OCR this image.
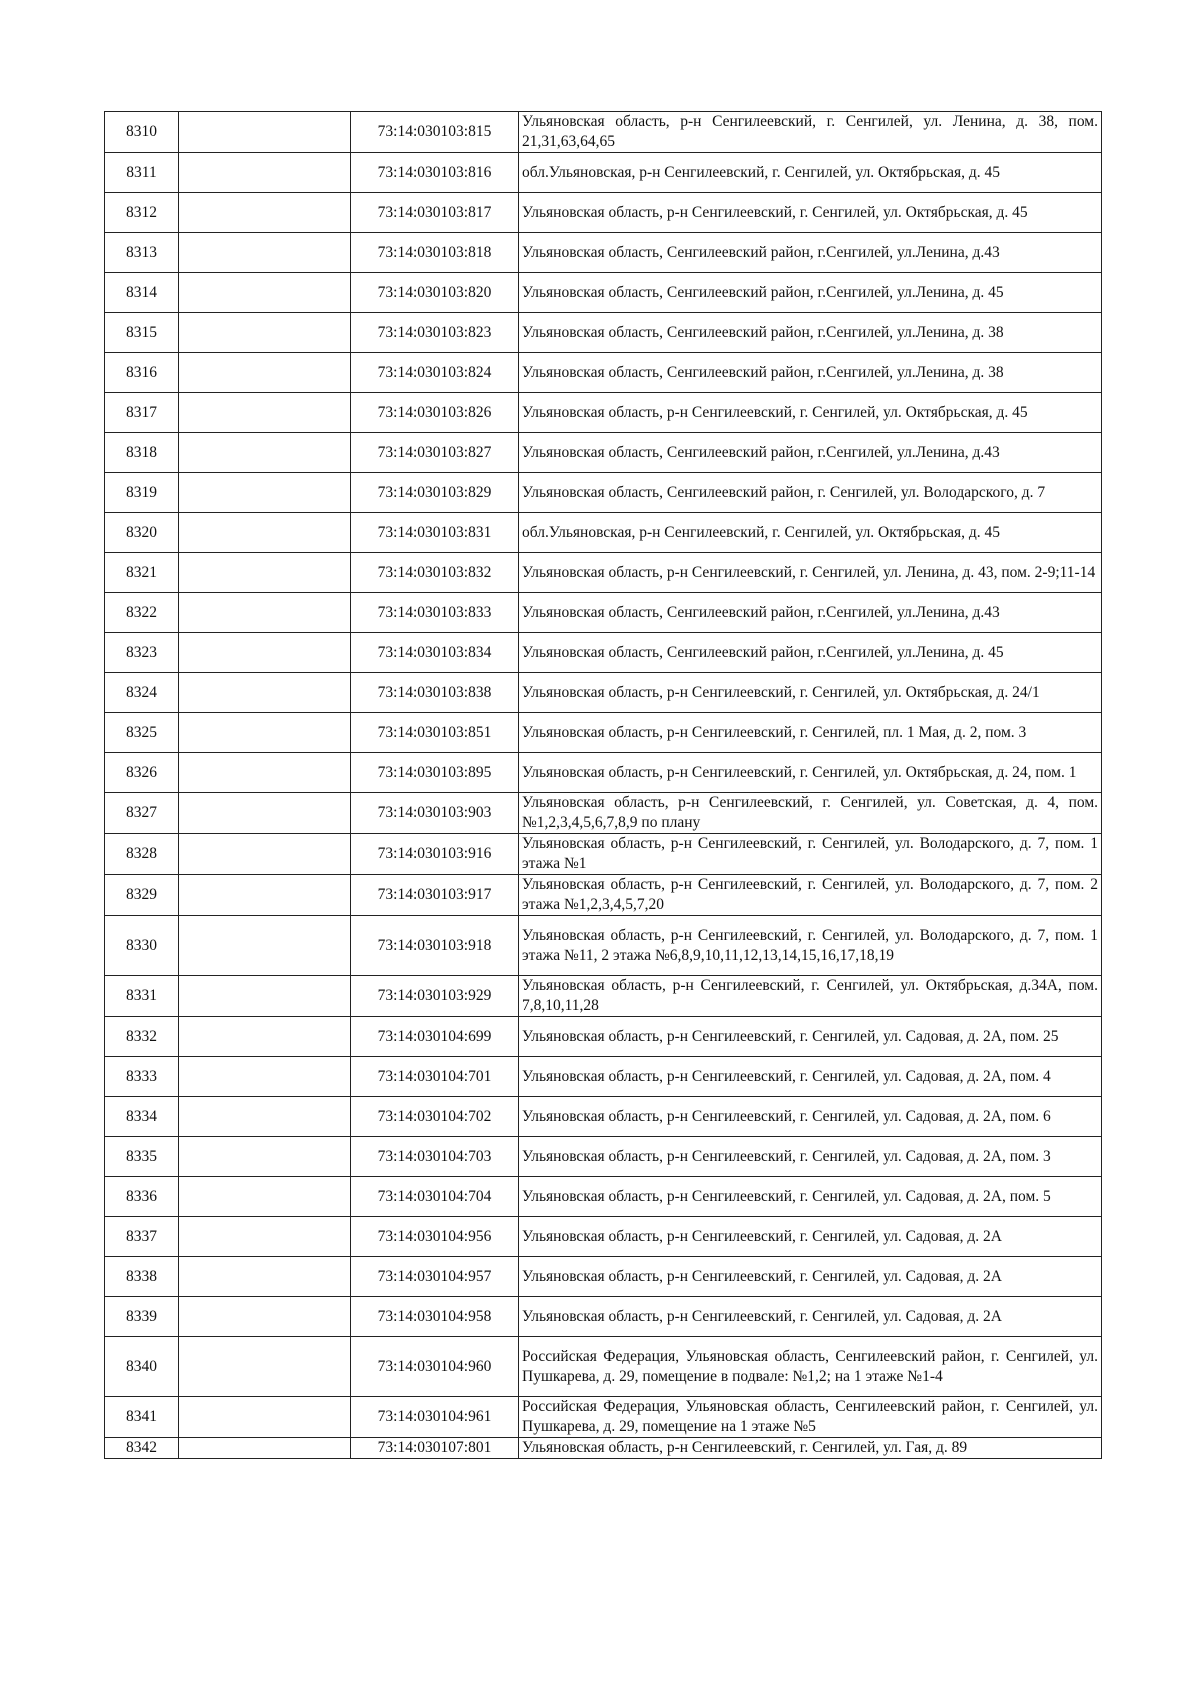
8310		73:14:030103:815	Ульяновская область, р-н Сенгилеевский, г. Сенгилей, ул. Ленина, д. 38, пом. 21,31,63,64,65
8311		73:14:030103:816	обл.Ульяновская, р-н Сенгилеевский, г. Сенгилей, ул. Октябрьская, д. 45
8312		73:14:030103:817	Ульяновская область, р-н Сенгилеевский, г. Сенгилей, ул. Октябрьская, д. 45
8313		73:14:030103:818	Ульяновская область, Сенгилеевский район, г.Сенгилей, ул.Ленина, д.43
8314		73:14:030103:820	Ульяновская область, Сенгилеевский район, г.Сенгилей, ул.Ленина, д. 45
8315		73:14:030103:823	Ульяновская область, Сенгилеевский район, г.Сенгилей, ул.Ленина, д. 38
8316		73:14:030103:824	Ульяновская область, Сенгилеевский район, г.Сенгилей, ул.Ленина, д. 38
8317		73:14:030103:826	Ульяновская область, р-н Сенгилеевский, г. Сенгилей, ул. Октябрьская, д. 45
8318		73:14:030103:827	Ульяновская область, Сенгилеевский район, г.Сенгилей, ул.Ленина, д.43
8319		73:14:030103:829	Ульяновская область, Сенгилеевский район, г. Сенгилей, ул. Володарского, д. 7
8320		73:14:030103:831	обл.Ульяновская, р-н Сенгилеевский, г. Сенгилей, ул. Октябрьская, д. 45
8321		73:14:030103:832	Ульяновская область, р-н Сенгилеевский, г. Сенгилей, ул. Ленина, д. 43, пом. 2-9;11-14
8322		73:14:030103:833	Ульяновская область, Сенгилеевский район, г.Сенгилей, ул.Ленина, д.43
8323		73:14:030103:834	Ульяновская область, Сенгилеевский район, г.Сенгилей, ул.Ленина, д. 45
8324		73:14:030103:838	Ульяновская область, р-н Сенгилеевский, г. Сенгилей, ул. Октябрьская, д. 24/1
8325		73:14:030103:851	Ульяновская область, р-н Сенгилеевский, г. Сенгилей, пл. 1 Мая, д. 2, пом. 3
8326		73:14:030103:895	Ульяновская область, р-н Сенгилеевский, г. Сенгилей, ул. Октябрьская, д. 24, пом. 1
8327		73:14:030103:903	Ульяновская область, р-н Сенгилеевский, г. Сенгилей, ул. Советская, д. 4, пом. №1,2,3,4,5,6,7,8,9 по плану
8328		73:14:030103:916	Ульяновская область, р-н Сенгилеевский, г. Сенгилей, ул. Володарского, д. 7, пом. 1 этажа №1
8329		73:14:030103:917	Ульяновская область, р-н Сенгилеевский, г. Сенгилей, ул. Володарского, д. 7, пом. 2 этажа №1,2,3,4,5,7,20
8330		73:14:030103:918	Ульяновская область, р-н Сенгилеевский, г. Сенгилей, ул. Володарского, д. 7, пом. 1 этажа №11, 2 этажа №6,8,9,10,11,12,13,14,15,16,17,18,19
8331		73:14:030103:929	Ульяновская область, р-н Сенгилеевский, г. Сенгилей, ул. Октябрьская, д.34А, пом. 7,8,10,11,28
8332		73:14:030104:699	Ульяновская область, р-н Сенгилеевский, г. Сенгилей, ул. Садовая, д. 2А, пом. 25
8333		73:14:030104:701	Ульяновская область, р-н Сенгилеевский, г. Сенгилей, ул. Садовая, д. 2А, пом. 4
8334		73:14:030104:702	Ульяновская область, р-н Сенгилеевский, г. Сенгилей, ул. Садовая, д. 2А, пом. 6
8335		73:14:030104:703	Ульяновская область, р-н Сенгилеевский, г. Сенгилей, ул. Садовая, д. 2А, пом. 3
8336		73:14:030104:704	Ульяновская область, р-н Сенгилеевский, г. Сенгилей, ул. Садовая, д. 2А, пом. 5
8337		73:14:030104:956	Ульяновская область, р-н Сенгилеевский, г. Сенгилей, ул. Садовая, д. 2А
8338		73:14:030104:957	Ульяновская область, р-н Сенгилеевский, г. Сенгилей, ул. Садовая, д. 2А
8339		73:14:030104:958	Ульяновская область, р-н Сенгилеевский, г. Сенгилей, ул. Садовая, д. 2А
8340		73:14:030104:960	Российская Федерация, Ульяновская область, Сенгилеевский район, г. Сенгилей, ул. Пушкарева, д. 29, помещение в подвале: №1,2; на 1 этаже №1-4
8341		73:14:030104:961	Российская Федерация, Ульяновская область, Сенгилеевский район, г. Сенгилей, ул. Пушкарева, д. 29, помещение на 1 этаже №5
8342		73:14:030107:801	Ульяновская область, р-н Сенгилеевский, г. Сенгилей, ул. Гая, д. 89
